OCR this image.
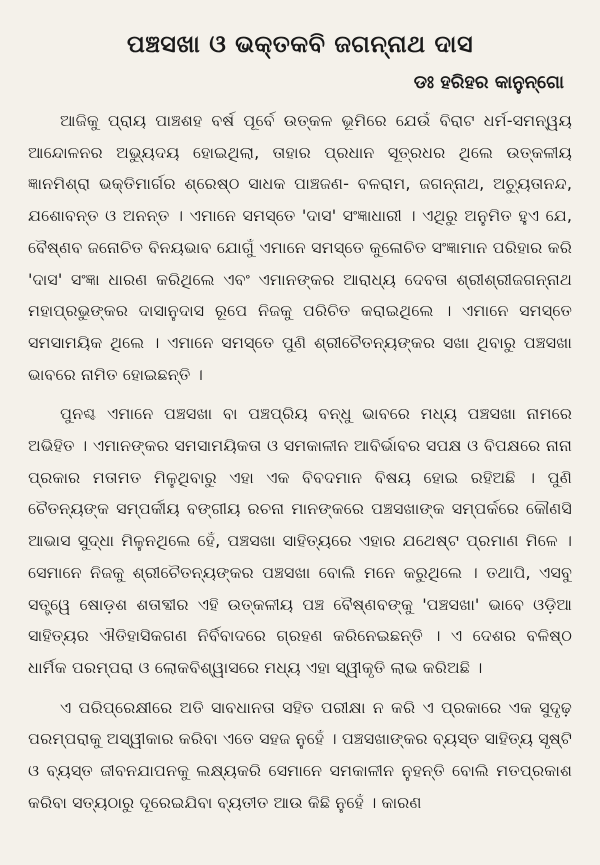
ପଞ୍ଚସଖା ଓ ଭକ୍ତକବି ଜଗନ୍ନାଥ ଦାସ
ଡଃ ହରିହର କାନୁନ୍‌ଗୋ

ଆଜିକୁ ପ୍ରାୟ ପାଞ୍ଚଶହ ବର୍ଷ ପୂର୍ବେ ଉତ୍କଳ ଭୂମିରେ ଯେଉଁ ବିରାଟ ଧର୍ମ-ସମନ୍ୱୟ ଆନ୍ଦୋଳନର ଅଭ୍ୟୁଦୟ ହୋଇଥିଲା, ତାହାର ପ୍ରଧାନ ସୂତ୍ରଧର ଥିଲେ ଉତ୍କଳୀୟ ଜ୍ଞାନମିଶ୍ରା ଭକ୍ତିମାର୍ଗର ଶ୍ରେଷ୍ଠ ସାଧକ ପାଞ୍ଚଜଣ- ବଳରାମ, ଜଗନ୍ନାଥ, ଅଚ୍ୟୁତାନନ୍ଦ, ଯଶୋବନ୍ତ ଓ ଅନନ୍ତ । ଏମାନେ ସମସ୍ତେ 'ଦାସ' ସଂଜ୍ଞାଧାରୀ । ଏଥିରୁ ଅନୁମିତ ହୁଏ ଯେ, ବୈଷ୍ଣବ ଜନୋଚିତ ବିନୟଭାବ ଯୋଗୁଁ ଏମାନେ ସମସ୍ତେ କୁଳୋଚିତ ସଂଜ୍ଞାମାନ ପରିହାର କରି 'ଦାସ' ସଂଜ୍ଞା ଧାରଣ କରିଥିଲେ ଏବଂ ଏମାନଙ୍କର ଆରାଧ୍ୟ ଦେବତା ଶ୍ରୀଶ୍ରୀଜଗନ୍ନାଥ ମହାପ୍ରଭୁଙ୍କର ଦାସାନୁଦାସ ରୂପେ ନିଜକୁ ପରିଚିତ କରାଇଥିଲେ । ଏମାନେ ସମସ୍ତେ ସମସାମୟିକ ଥିଲେ । ଏମାନେ ସମସ୍ତେ ପୁଣି ଶ୍ରୀଚୈତନ୍ୟଙ୍କର ସଖା ଥିବାରୁ ପଞ୍ଚସଖା ଭାବରେ ନାମିତ ହୋଇଛନ୍ତି ।

ପୁନଶ୍ଚ ଏମାନେ ପଞ୍ଚସଖା ବା ପଞ୍ଚପ୍ରିୟ ବନ୍ଧୁ ଭାବରେ ମଧ୍ୟ ପଞ୍ଚସଖା ନାମରେ ଅଭିହିତ । ଏମାନଙ୍କର ସମସାମୟିକତା ଓ ସମକାଳୀନ ଆବିର୍ଭାବର ସପକ୍ଷ ଓ ବିପକ୍ଷରେ ନାନା ପ୍ରକାର ମତାମତ ମିଳୁଥିବାରୁ ଏହା ଏକ ବିବଦମାନ ବିଷୟ ହୋଇ ରହିଅଛି । ପୁଣି ଚୈତନ୍ୟଙ୍କ ସମ୍ପର୍କୀୟ ବଙ୍ଗୀୟ ରଚନା ମାନଙ୍କରେ ପଞ୍ଚସଖାଙ୍କ ସମ୍ପର୍କରେ କୌଣସି ଆଭାସ ସୁଦ୍ଧା ମିଳୁନଥିଲେ ହେଁ, ପଞ୍ଚସଖା ସାହିତ୍ୟରେ ଏହାର ଯଥେଷ୍ଟ ପ୍ରମାଣ ମିଳେ । ସେମାନେ ନିଜକୁ ଶ୍ରୀଚୈତନ୍ୟଙ୍କର ପଞ୍ଚସଖା ବୋଲି ମନେ କରୁଥିଲେ । ତଥାପି, ଏସବୁ ସତ୍ତ୍ୱେ ଷୋଡ଼ଶ ଶତାବ୍ଦୀର ଏହି ଉତ୍କଳୀୟ ପଞ୍ଚ ବୈଷ୍ଣବଙ୍କୁ 'ପଞ୍ଚସଖା' ଭାବେ ଓଡ଼ିଆ ସାହିତ୍ୟର ଐତିହାସିକଗଣ ନିର୍ବିବାଦରେ ଗ୍ରହଣ କରିନେଇଛନ୍ତି । ଏ ଦେଶର ବଳିଷ୍ଠ ଧାର୍ମିକ ପରମ୍ପରା ଓ ଲୋକବିଶ୍ୱାସରେ ମଧ୍ୟ ଏହା ସ୍ୱୀକୃତି ଲାଭ କରିଅଛି ।

ଏ ପରିପ୍ରେକ୍ଷୀରେ ଅତି ସାବଧାନତା ସହିତ ପରୀକ୍ଷା ନ କରି ଏ ପ୍ରକାରେ ଏକ ସୁଦୃଢ଼ ପରମ୍ପରାକୁ ଅସ୍ୱୀକାର କରିବା ଏତେ ସହଜ ନୁହେଁ । ପଞ୍ଚସଖାଙ୍କର ବ୍ୟସ୍ତ ସାହିତ୍ୟ ସୃଷ୍ଟି ଓ ବ୍ୟସ୍ତ ଜୀବନଯାପନକୁ ଲକ୍ଷ୍ୟକରି ସେମାନେ ସମକାଳୀନ ନୁହନ୍ତି ବୋଲି ମତପ୍ରକାଶ କରିବା ସତ୍ୟଠାରୁ ଦୂରେଇଯିବା ବ୍ୟତୀତ ଆଉ କିଛି ନୁହେଁ । କାରଣ
